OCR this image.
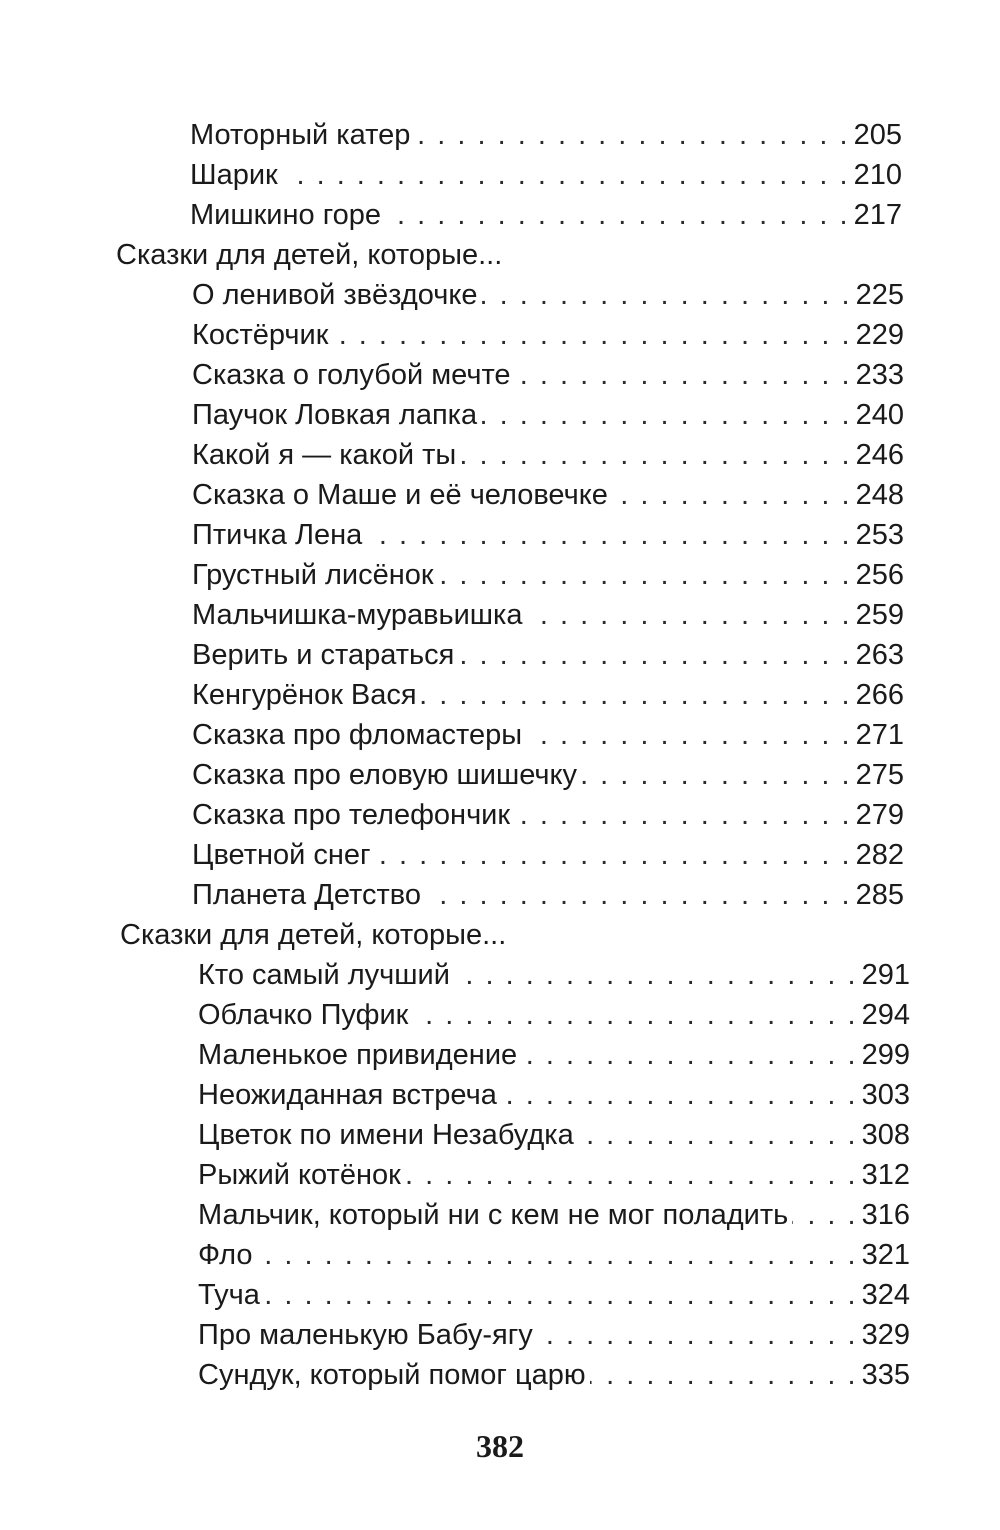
Моторный катер . . .	205
Шарик . . .	210
Мишкино горе . . .	217
Сказки для детей, которые...
О ленивой звёздочке . . .	225
Костёрчик . . .	229
Сказка о голубой мечте . . .	233
Паучок Ловкая лапка . . .	240
Какой я — какой ты . . .	246
Сказка о Маше и её человечке . . .	248
Птичка Лена . . .	253
Грустный лисёнок . . .	256
Мальчишка-муравьишка . . .	259
Верить и стараться . . .	263
Кенгурёнок Вася . . .	266
Сказка про фломастеры . . .	271
Сказка про еловую шишечку . . .	275
Сказка про телефончик . . .	279
Цветной снег . . .	282
Планета Детство . . .	285
Сказки для детей, которые...
Кто самый лучший . . .	291
Облачко Пуфик . . .	294
Маленькое привидение . . .	299
Неожиданная встреча . . .	303
Цветок по имени Незабудка . . .	308
Рыжий котёнок . . .	312
Мальчик, который ни с кем не мог поладить . . .	316
Фло . . .	321
Туча . . .	324
Про маленькую Бабу-ягу . . .	329
Сундук, который помог царю . . .	335
382
